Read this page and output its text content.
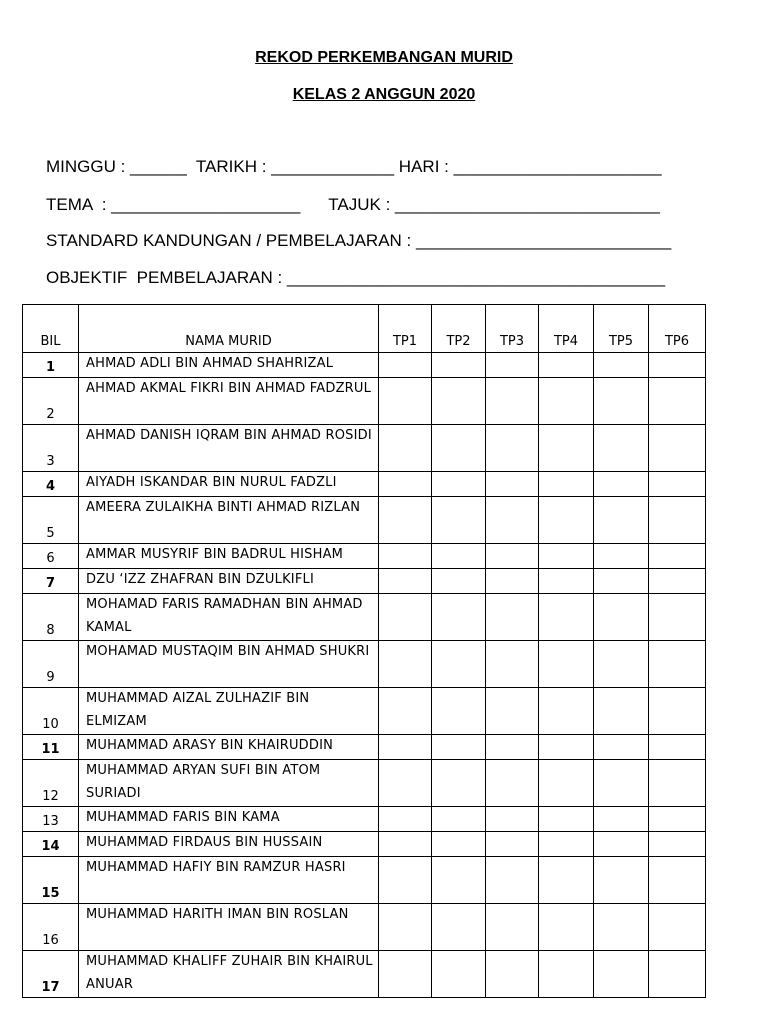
REKOD PERKEMBANGAN MURID
KELAS 2 ANGGUN 2020
MINGGU : ______  TARIKH : _____________ HARI : ______________________
TEMA  : ____________________      TAJUK : ____________________________
STANDARD KANDUNGAN / PEMBELAJARAN : ___________________________
OBJEKTIF  PEMBELAJARAN : ________________________________________
BIL	NAMA MURID	TP1	TP2	TP3	TP4	TP5	TP6
1	AHMAD ADLI BIN AHMAD SHAHRIZAL						
2	AHMAD AKMAL FIKRI BIN AHMAD FADZRUL						
3	AHMAD DANISH IQRAM BIN AHMAD ROSIDI						
4	AIYADH ISKANDAR BIN NURUL FADZLI						
5	AMEERA ZULAIKHA BINTI AHMAD RIZLAN						
6	AMMAR MUSYRIF BIN BADRUL HISHAM						
7	DZU ‘IZZ ZHAFRAN BIN DZULKIFLI						
8	MOHAMAD FARIS RAMADHAN BIN AHMAD KAMAL						
9	MOHAMAD MUSTAQIM BIN AHMAD SHUKRI						
10	MUHAMMAD AIZAL ZULHAZIF BIN ELMIZAM						
11	MUHAMMAD ARASY BIN KHAIRUDDIN						
12	MUHAMMAD ARYAN SUFI BIN ATOM SURIADI						
13	MUHAMMAD FARIS BIN KAMA						
14	MUHAMMAD FIRDAUS BIN HUSSAIN						
15	MUHAMMAD HAFIY BIN RAMZUR HASRI						
16	MUHAMMAD HARITH IMAN BIN ROSLAN						
17	MUHAMMAD KHALIFF ZUHAIR BIN KHAIRUL ANUAR						
